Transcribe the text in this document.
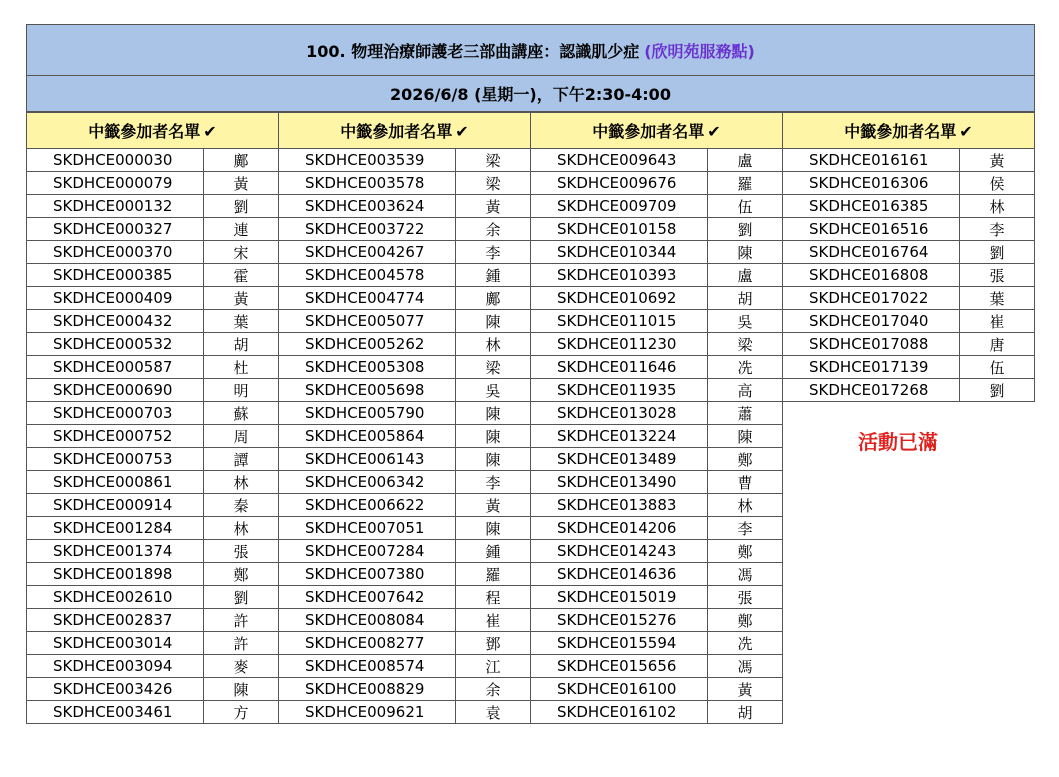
100. 物理治療師護老三部曲講座：認識肌少症 (欣明苑服務點)
2026/6/8 (星期一)，下午2:30-4:00
中籤參加者名單 ✔		中籤參加者名單 ✔		中籤參加者名單 ✔		中籤參加者名單 ✔	
SKDHCE000030	鄺	SKDHCE003539	梁	SKDHCE009643	盧	SKDHCE016161	黃
SKDHCE000079	黃	SKDHCE003578	梁	SKDHCE009676	羅	SKDHCE016306	侯
SKDHCE000132	劉	SKDHCE003624	黃	SKDHCE009709	伍	SKDHCE016385	林
SKDHCE000327	連	SKDHCE003722	余	SKDHCE010158	劉	SKDHCE016516	李
SKDHCE000370	宋	SKDHCE004267	李	SKDHCE010344	陳	SKDHCE016764	劉
SKDHCE000385	霍	SKDHCE004578	鍾	SKDHCE010393	盧	SKDHCE016808	張
SKDHCE000409	黃	SKDHCE004774	鄺	SKDHCE010692	胡	SKDHCE017022	葉
SKDHCE000432	葉	SKDHCE005077	陳	SKDHCE011015	吳	SKDHCE017040	崔
SKDHCE000532	胡	SKDHCE005262	林	SKDHCE011230	梁	SKDHCE017088	唐
SKDHCE000587	杜	SKDHCE005308	梁	SKDHCE011646	冼	SKDHCE017139	伍
SKDHCE000690	明	SKDHCE005698	吳	SKDHCE011935	高	SKDHCE017268	劉
SKDHCE000703	蘇	SKDHCE005790	陳	SKDHCE013028	蕭		
SKDHCE000752	周	SKDHCE005864	陳	SKDHCE013224	陳		
SKDHCE000753	譚	SKDHCE006143	陳	SKDHCE013489	鄭		
SKDHCE000861	林	SKDHCE006342	李	SKDHCE013490	曹		
SKDHCE000914	秦	SKDHCE006622	黃	SKDHCE013883	林		
SKDHCE001284	林	SKDHCE007051	陳	SKDHCE014206	李		
SKDHCE001374	張	SKDHCE007284	鍾	SKDHCE014243	鄭		
SKDHCE001898	鄭	SKDHCE007380	羅	SKDHCE014636	馮		
SKDHCE002610	劉	SKDHCE007642	程	SKDHCE015019	張		
SKDHCE002837	許	SKDHCE008084	崔	SKDHCE015276	鄭		
SKDHCE003014	許	SKDHCE008277	鄧	SKDHCE015594	冼		
SKDHCE003094	麥	SKDHCE008574	江	SKDHCE015656	馮		
SKDHCE003426	陳	SKDHCE008829	余	SKDHCE016100	黃		
SKDHCE003461	方	SKDHCE009621	袁	SKDHCE016102	胡		
活動已滿
